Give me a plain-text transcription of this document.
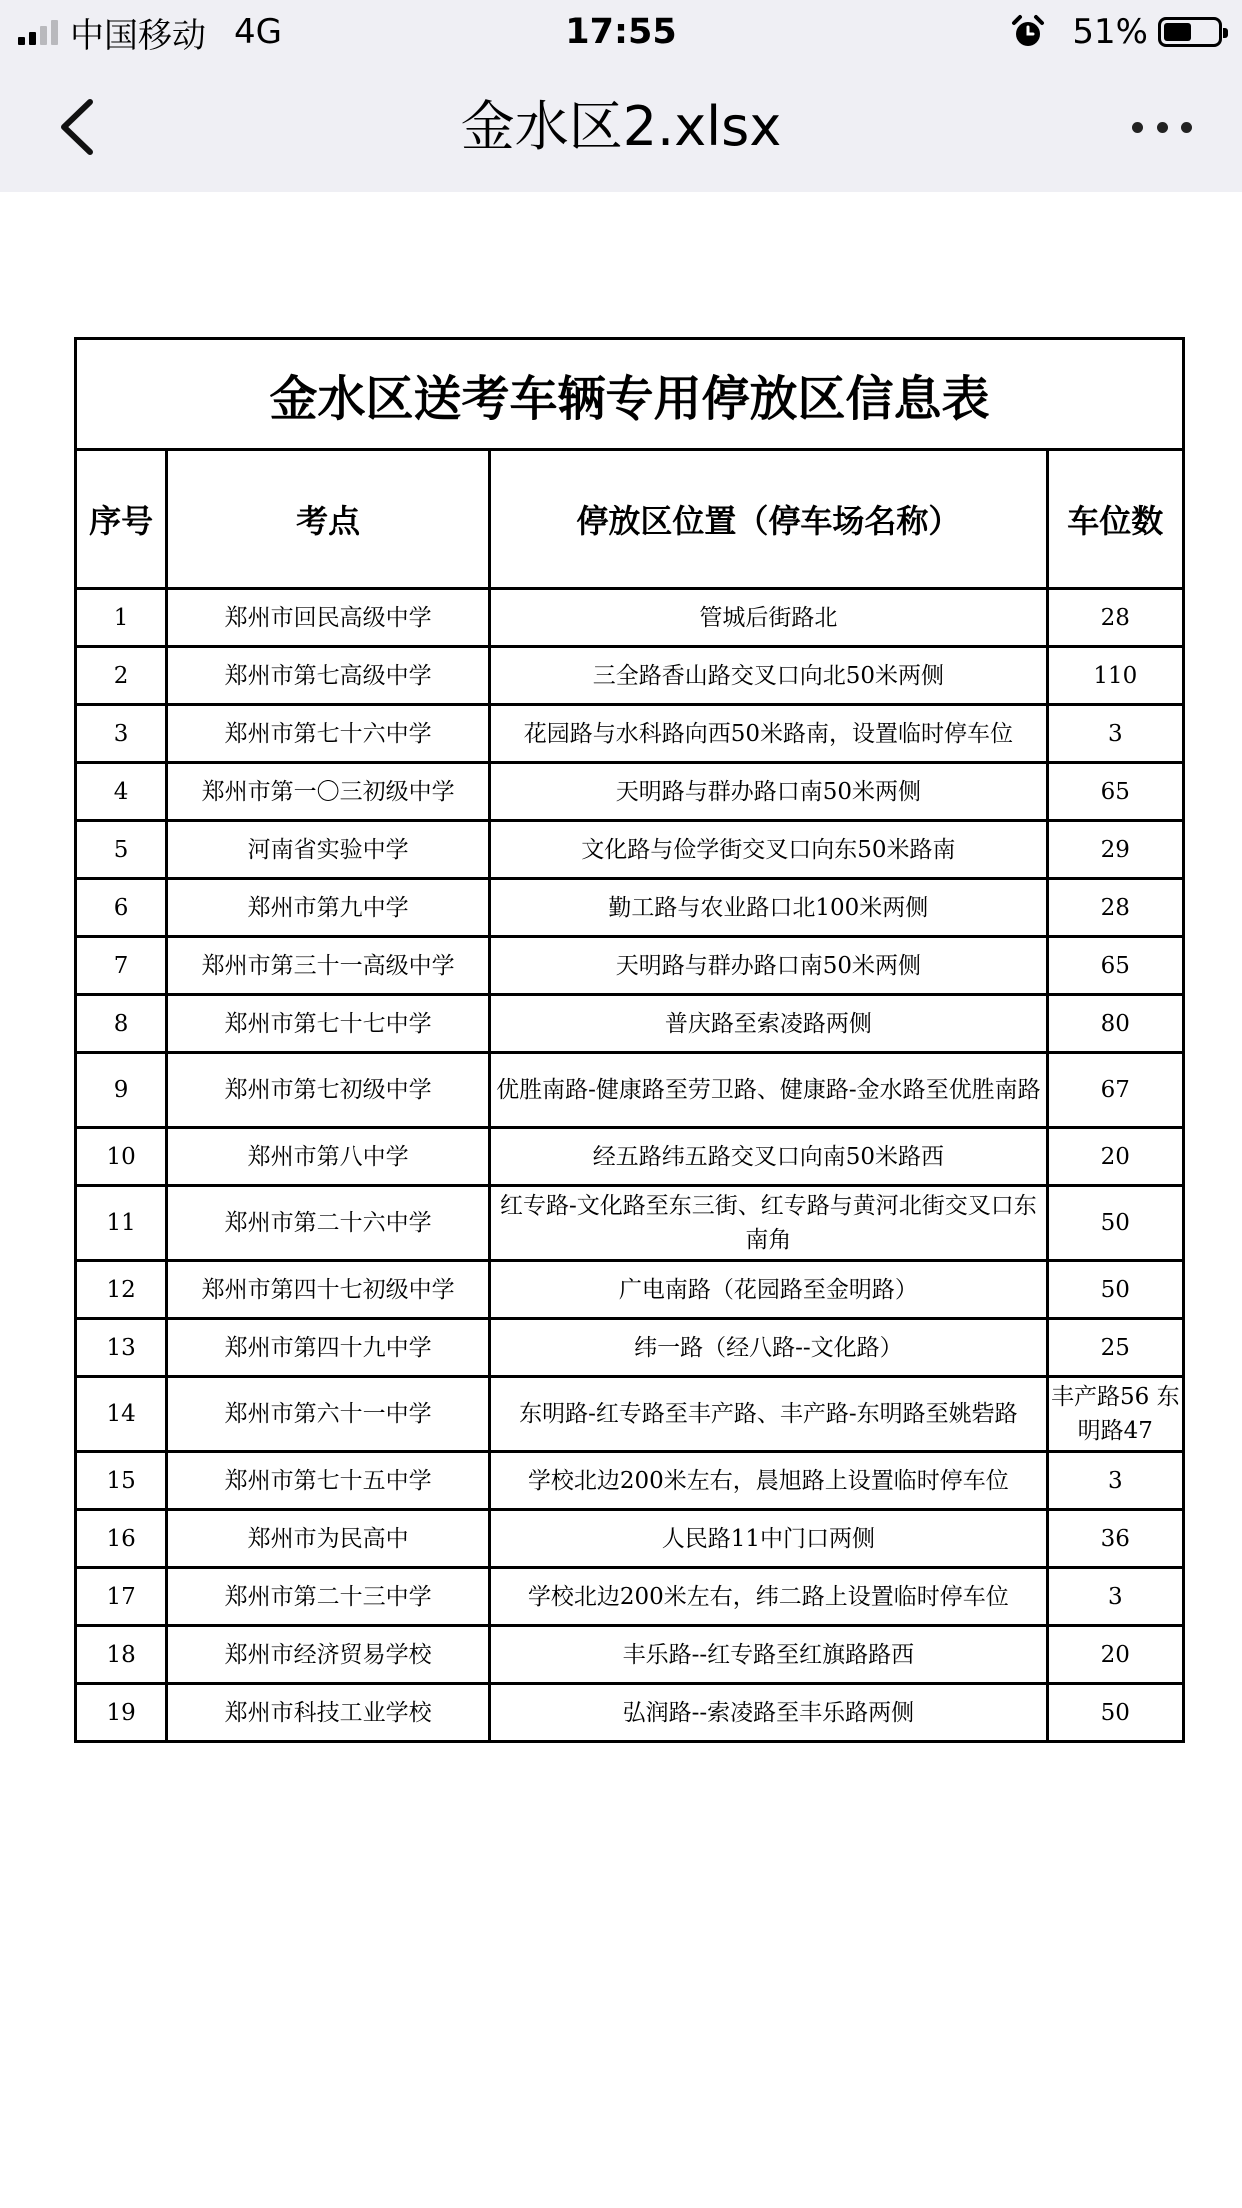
中国移动 4G	17:55	51%
金水区2.xlsx
金水区送考车辆专用停放区信息表			
序号	考点	停放区位置（停车场名称）	车位数
1	郑州市回民高级中学	管城后街路北	28
2	郑州市第七高级中学	三全路香山路交叉口向北50米两侧	110
3	郑州市第七十六中学	花园路与水科路向西50米路南，设置临时停车位	3
4	郑州市第一〇三初级中学	天明路与群办路口南50米两侧	65
5	河南省实验中学	文化路与俭学街交叉口向东50米路南	29
6	郑州市第九中学	勤工路与农业路口北100米两侧	28
7	郑州市第三十一高级中学	天明路与群办路口南50米两侧	65
8	郑州市第七十七中学	普庆路至索凌路两侧	80
9	郑州市第七初级中学	优胜南路-健康路至劳卫路、健康路-金水路至优胜南路	67
10	郑州市第八中学	经五路纬五路交叉口向南50米路西	20
11	郑州市第二十六中学	红专路-文化路至东三街、红专路与黄河北街交叉口东南角	50
12	郑州市第四十七初级中学	广电南路（花园路至金明路）	50
13	郑州市第四十九中学	纬一路（经八路--文化路）	25
14	郑州市第六十一中学	东明路-红专路至丰产路、丰产路-东明路至姚砦路	丰产路56 东明路47
15	郑州市第七十五中学	学校北边200米左右，晨旭路上设置临时停车位	3
16	郑州市为民高中	人民路11中门口两侧	36
17	郑州市第二十三中学	学校北边200米左右，纬二路上设置临时停车位	3
18	郑州市经济贸易学校	丰乐路--红专路至红旗路路西	20
19	郑州市科技工业学校	弘润路--索凌路至丰乐路两侧	50
